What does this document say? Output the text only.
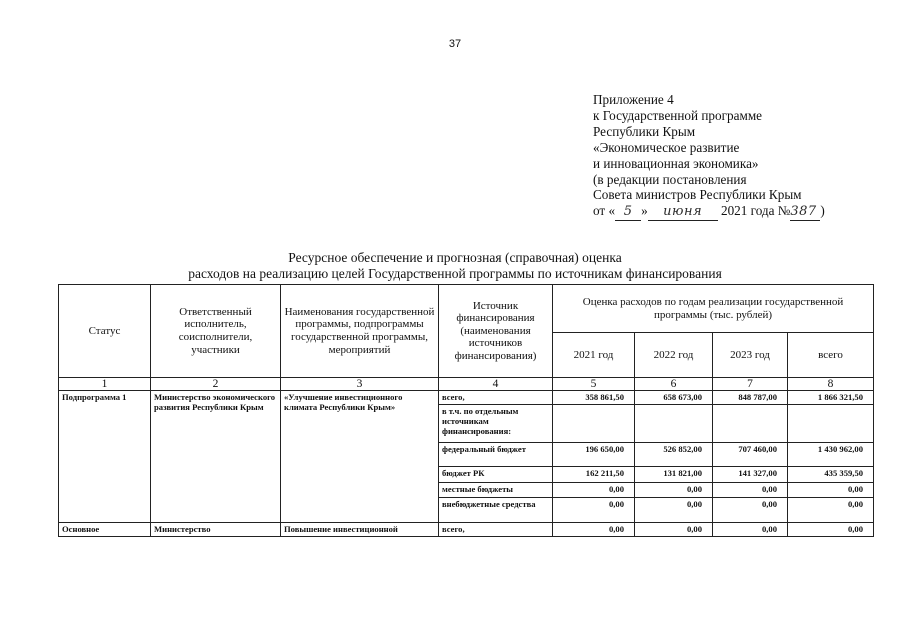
37
Приложение 4
к Государственной программе
Республики Крым
«Экономическое развитие
и инновационная экономика»
(в редакции постановления
Совета министров Республики Крым
от « 5 » июня 2021 года №387 )
Ресурсное обеспечение и прогнозная (справочная) оценка
расходов на реализацию целей Государственной программы по источникам финансирования
Статус	Ответственный исполнитель, соисполнители, участники	Наименования государственной программы, подпрограммы государственной программы, мероприятий	Источник финансирования (наименования источников финансирования)	Оценка расходов по годам реализации государственной программы (тыс. рублей)			
				2021 год	2022 год	2023 год	всего
1	2	3	4	5	6	7	8
Подпрограмма 1	Министерство экономического развития Республики Крым	«Улучшение инвестиционного климата Республики Крым»	всего,	358 861,50	658 673,00	848 787,00	1 866 321,50
			в т.ч. по отдельным источникам финансирования:				
			федеральный бюджет	196 650,00	526 852,00	707 460,00	1 430 962,00
			бюджет РК	162 211,50	131 821,00	141 327,00	435 359,50
			местные бюджеты	0,00	0,00	0,00	0,00
			внебюджетные средства	0,00	0,00	0,00	0,00
Основное	Министерство	Повышение инвестиционной	всего,	0,00	0,00	0,00	0,00
